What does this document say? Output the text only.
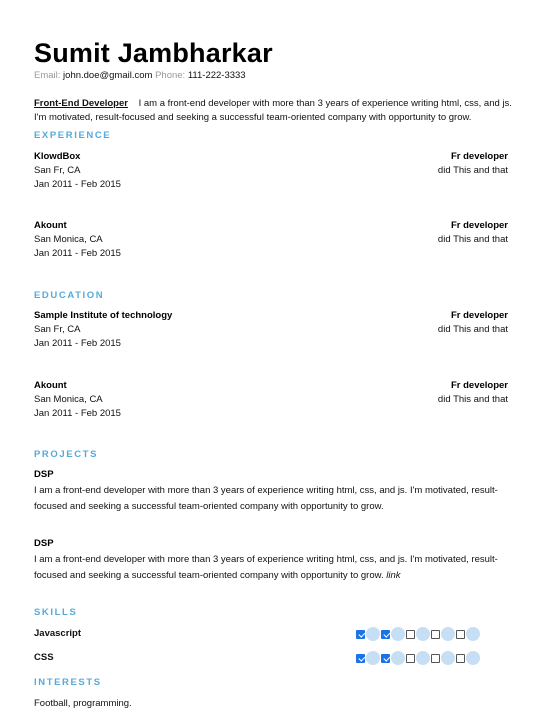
Sumit Jambharkar
Email: john.doe@gmail.com Phone: 111-222-3333
Front-End Developer I am a front-end developer with more than 3 years of experience writing html, css, and js. I'm motivated, result-focused and seeking a successful team-oriented company with opportunity to grow.
EXPERIENCE
KlowdBox	Fr developer
San Fr, CA	did This and that
Jan 2011 - Feb 2015
Akount	Fr developer
San Monica, CA	did This and that
Jan 2011 - Feb 2015
EDUCATION
Sample Institute of technology	Fr developer
San Fr, CA	did This and that
Jan 2011 - Feb 2015
Akount	Fr developer
San Monica, CA	did This and that
Jan 2011 - Feb 2015
PROJECTS
DSP
I am a front-end developer with more than 3 years of experience writing html, css, and js. I'm motivated, result-focused and seeking a successful team-oriented company with opportunity to grow.
DSP
I am a front-end developer with more than 3 years of experience writing html, css, and js. I'm motivated, result-focused and seeking a successful team-oriented company with opportunity to grow. link
SKILLS
Javascript
CSS
INTERESTS
Football, programming.
